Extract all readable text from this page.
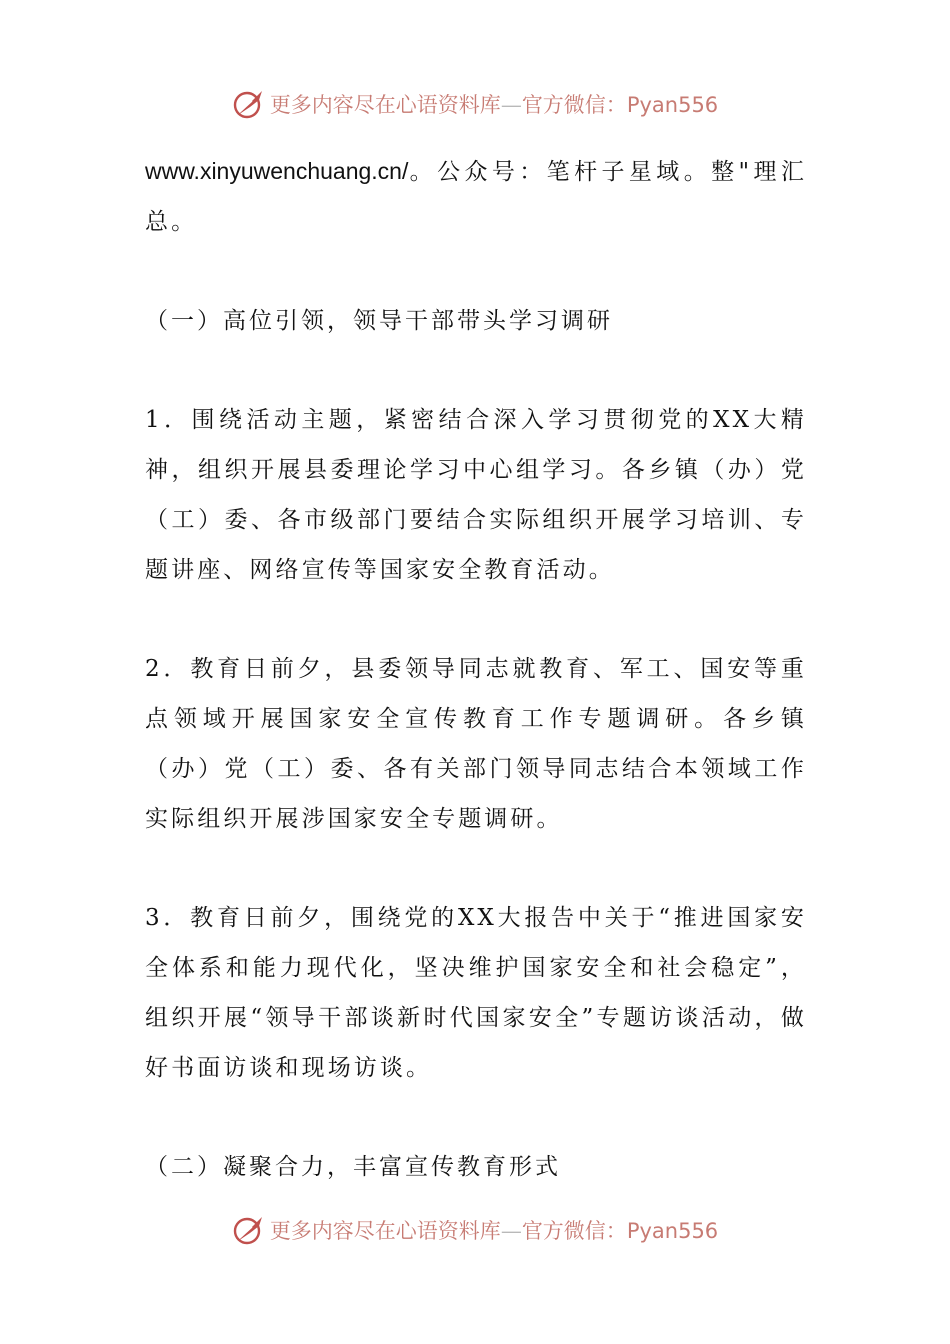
更多内容尽在心语资料库—官方微信：Pyan556

www.xinyuwenchuang.cn/。公众号：笔杆子星域。整"理汇总。

（一）高位引领，领导干部带头学习调研

1．围绕活动主题，紧密结合深入学习贯彻党的XX大精神，组织开展县委理论学习中心组学习。各乡镇（办）党（工）委、各市级部门要结合实际组织开展学习培训、专题讲座、网络宣传等国家安全教育活动。

2．教育日前夕，县委领导同志就教育、军工、国安等重点领域开展国家安全宣传教育工作专题调研。各乡镇（办）党（工）委、各有关部门领导同志结合本领域工作实际组织开展涉国家安全专题调研。

3．教育日前夕，围绕党的XX大报告中关于“推进国家安全体系和能力现代化，坚决维护国家安全和社会稳定”，组织开展“领导干部谈新时代国家安全”专题访谈活动，做好书面访谈和现场访谈。

（二）凝聚合力，丰富宣传教育形式

更多内容尽在心语资料库—官方微信：Pyan556
